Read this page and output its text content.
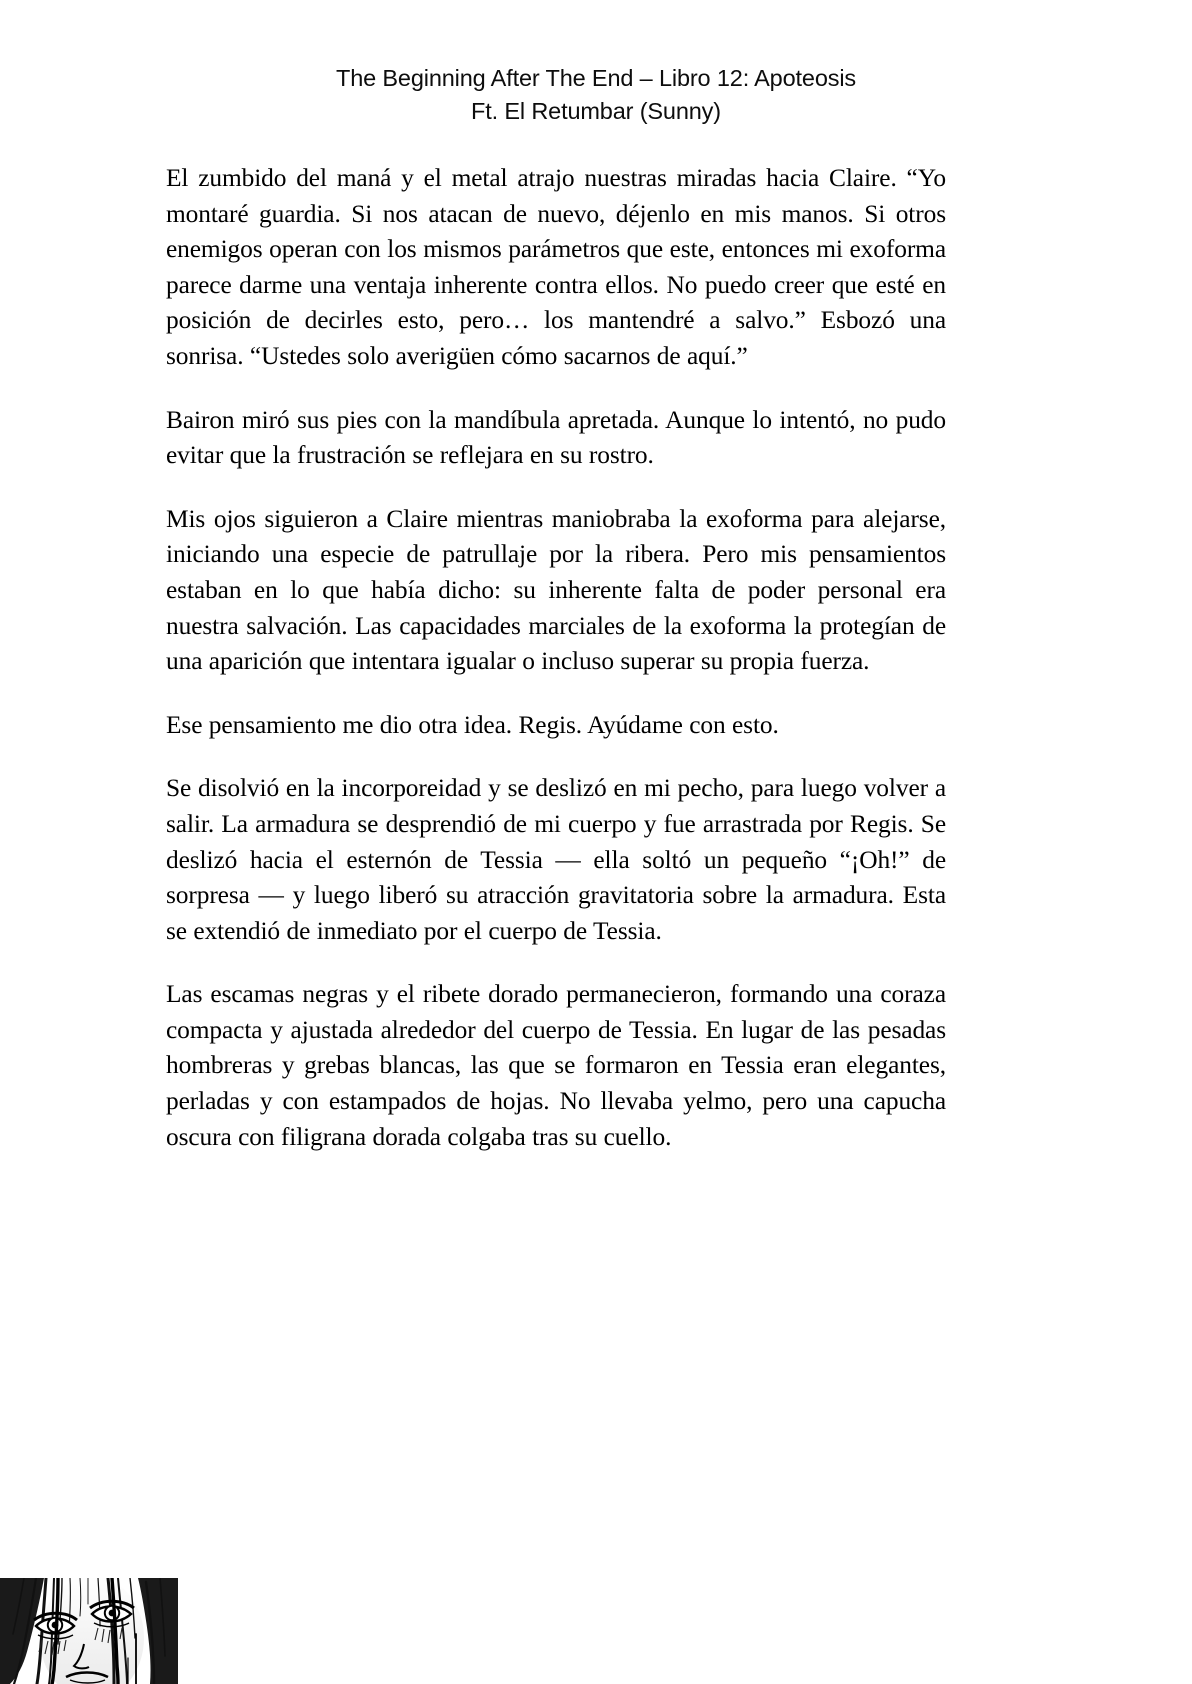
The Beginning After The End – Libro 12: Apoteosis
Ft. El Retumbar (Sunny)

El zumbido del maná y el metal atrajo nuestras miradas hacia Claire. “Yo montaré guardia. Si nos atacan de nuevo, déjenlo en mis manos. Si otros enemigos operan con los mismos parámetros que este, entonces mi exoforma parece darme una ventaja inherente contra ellos. No puedo creer que esté en posición de decirles esto, pero… los mantendré a salvo.” Esbozó una sonrisa. “Ustedes solo averigüen cómo sacarnos de aquí.”

Bairon miró sus pies con la mandíbula apretada. Aunque lo intentó, no pudo evitar que la frustración se reflejara en su rostro.

Mis ojos siguieron a Claire mientras maniobraba la exoforma para alejarse, iniciando una especie de patrullaje por la ribera. Pero mis pensamientos estaban en lo que había dicho: su inherente falta de poder personal era nuestra salvación. Las capacidades marciales de la exoforma la protegían de una aparición que intentara igualar o incluso superar su propia fuerza.

Ese pensamiento me dio otra idea. Regis. Ayúdame con esto.

Se disolvió en la incorporeidad y se deslizó en mi pecho, para luego volver a salir. La armadura se desprendió de mi cuerpo y fue arrastrada por Regis. Se deslizó hacia el esternón de Tessia — ella soltó un pequeño “¡Oh!” de sorpresa — y luego liberó su atracción gravitatoria sobre la armadura. Esta se extendió de inmediato por el cuerpo de Tessia.

Las escamas negras y el ribete dorado permanecieron, formando una coraza compacta y ajustada alrededor del cuerpo de Tessia. En lugar de las pesadas hombreras y grebas blancas, las que se formaron en Tessia eran elegantes, perladas y con estampados de hojas. No llevaba yelmo, pero una capucha oscura con filigrana dorada colgaba tras su cuello.
